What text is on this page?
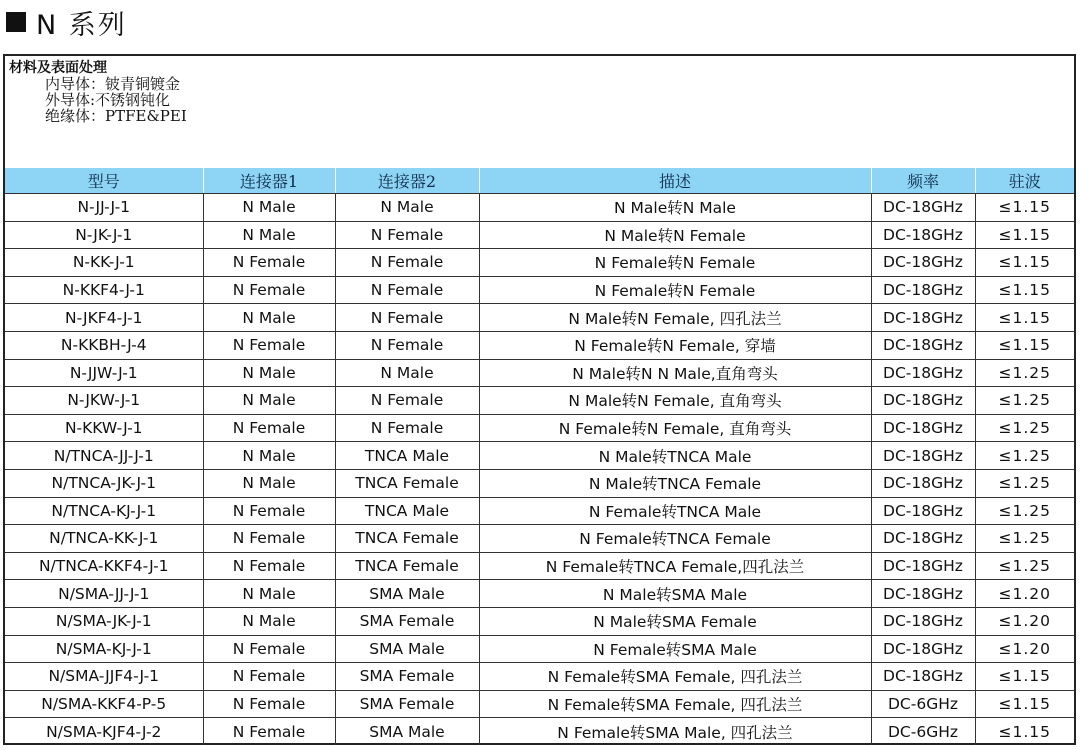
N 系列
材料及表面处理
内导体：铍青铜镀金
外导体:不锈钢钝化
绝缘体：PTFE&PEI
型号	连接器1	连接器2	描述	频率	驻波
N-JJ-J-1	N Male	N Male	N Male转N Male	DC-18GHz	≤1.15
N-JK-J-1	N Male	N Female	N Male转N Female	DC-18GHz	≤1.15
N-KK-J-1	N Female	N Female	N Female转N Female	DC-18GHz	≤1.15
N-KKF4-J-1	N Female	N Female	N Female转N Female	DC-18GHz	≤1.15
N-JKF4-J-1	N Male	N Female	N Male转N Female, 四孔法兰	DC-18GHz	≤1.15
N-KKBH-J-4	N Female	N Female	N Female转N Female, 穿墙	DC-18GHz	≤1.15
N-JJW-J-1	N Male	N Male	N Male转N N Male,直角弯头	DC-18GHz	≤1.25
N-JKW-J-1	N Male	N Female	N Male转N Female, 直角弯头	DC-18GHz	≤1.25
N-KKW-J-1	N Female	N Female	N Female转N Female, 直角弯头	DC-18GHz	≤1.25
N/TNCA-JJ-J-1	N Male	TNCA Male	N Male转TNCA Male	DC-18GHz	≤1.25
N/TNCA-JK-J-1	N Male	TNCA Female	N Male转TNCA Female	DC-18GHz	≤1.25
N/TNCA-KJ-J-1	N Female	TNCA Male	N Female转TNCA Male	DC-18GHz	≤1.25
N/TNCA-KK-J-1	N Female	TNCA Female	N Female转TNCA Female	DC-18GHz	≤1.25
N/TNCA-KKF4-J-1	N Female	TNCA Female	N Female转TNCA Female,四孔法兰	DC-18GHz	≤1.25
N/SMA-JJ-J-1	N Male	SMA Male	N Male转SMA Male	DC-18GHz	≤1.20
N/SMA-JK-J-1	N Male	SMA Female	N Male转SMA Female	DC-18GHz	≤1.20
N/SMA-KJ-J-1	N Female	SMA Male	N Female转SMA Male	DC-18GHz	≤1.20
N/SMA-JJF4-J-1	N Female	SMA Female	N Female转SMA Female, 四孔法兰	DC-18GHz	≤1.15
N/SMA-KKF4-P-5	N Female	SMA Female	N Female转SMA Female, 四孔法兰	DC-6GHz	≤1.15
N/SMA-KJF4-J-2	N Female	SMA Male	N Female转SMA Male, 四孔法兰	DC-6GHz	≤1.15
